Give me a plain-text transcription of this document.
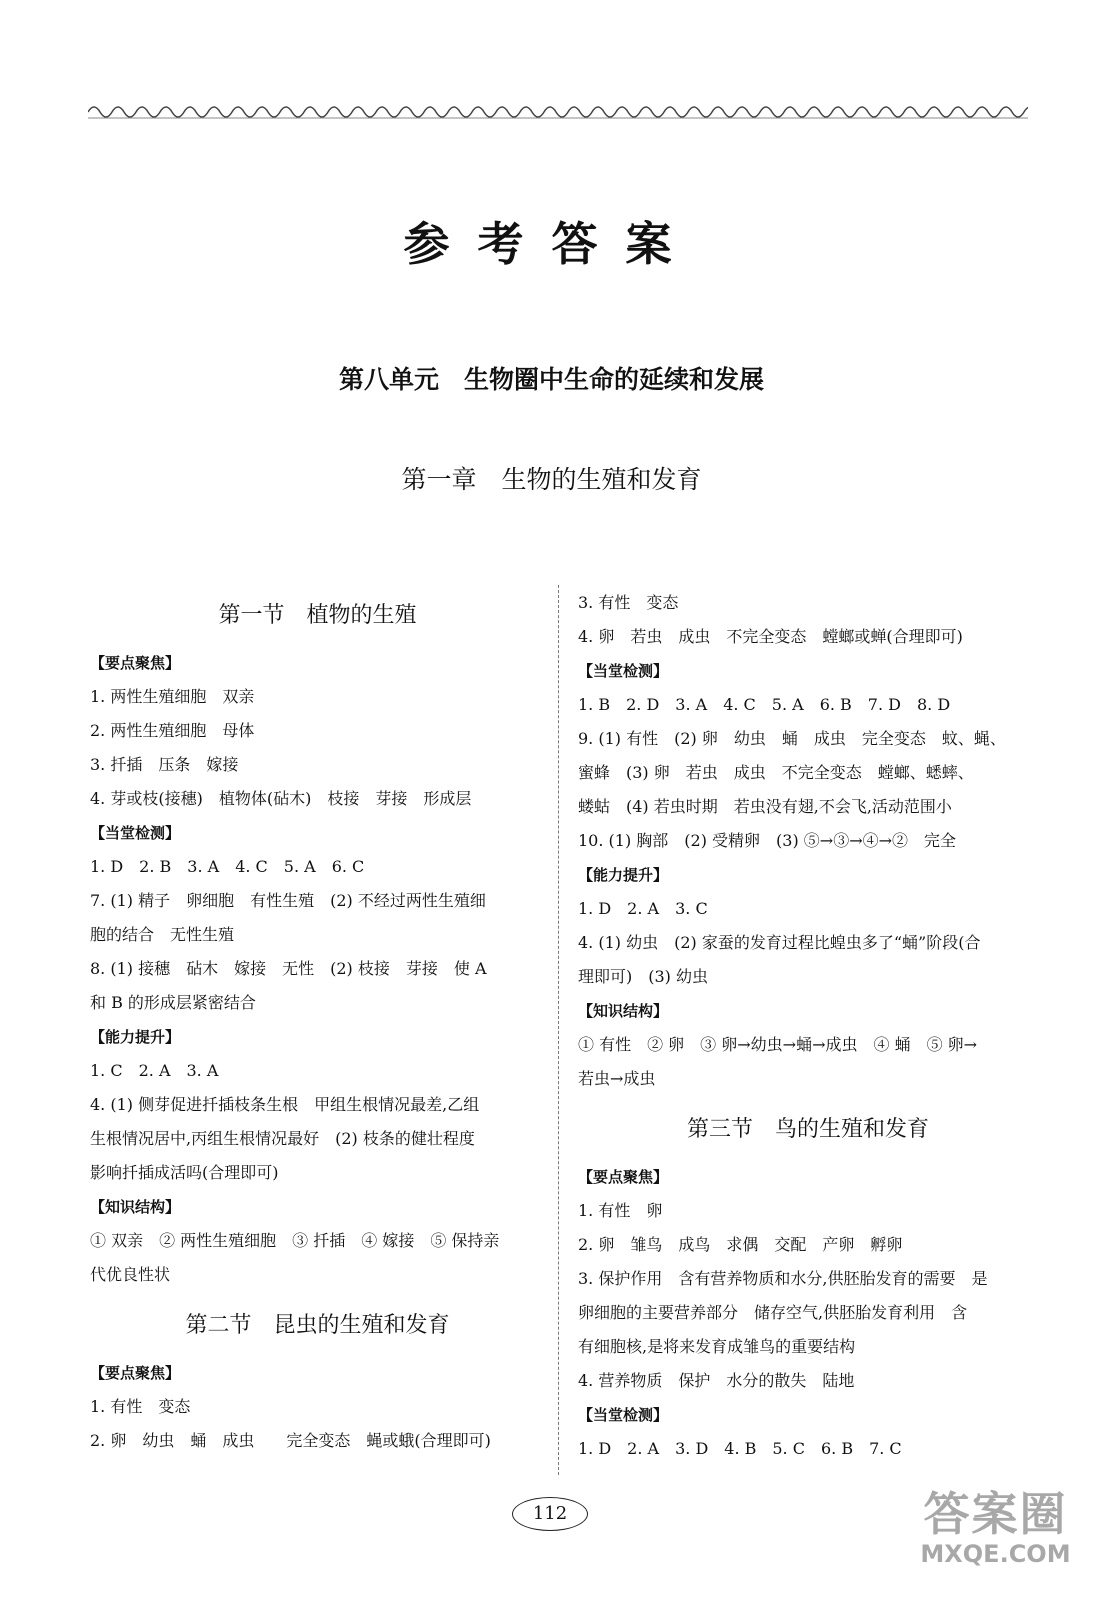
参考答案
第八单元　生物圈中生命的延续和发展
第一章　生物的生殖和发育
第一节　植物的生殖
【要点聚焦】
1. 两性生殖细胞　双亲
2. 两性生殖细胞　母体
3. 扦插　压条　嫁接
4. 芽或枝(接穗)　植物体(砧木)　枝接　芽接　形成层
【当堂检测】
1. D　2. B　3. A　4. C　5. A　6. C
7. (1) 精子　卵细胞　有性生殖　(2) 不经过两性生殖细
胞的结合　无性生殖
8. (1) 接穗　砧木　嫁接　无性　(2) 枝接　芽接　使 A
和 B 的形成层紧密结合
【能力提升】
1. C　2. A　3. A
4. (1) 侧芽促进扦插枝条生根　甲组生根情况最差,乙组
生根情况居中,丙组生根情况最好　(2) 枝条的健壮程度
影响扦插成活吗(合理即可)
【知识结构】
① 双亲　② 两性生殖细胞　③ 扦插　④ 嫁接　⑤ 保持亲
代优良性状
第二节　昆虫的生殖和发育
【要点聚焦】
1. 有性　变态
2. 卵　幼虫　蛹　成虫　　完全变态　蝇或蛾(合理即可)
3. 有性　变态
4. 卵　若虫　成虫　不完全变态　螳螂或蝉(合理即可)
【当堂检测】
1. B　2. D　3. A　4. C　5. A　6. B　7. D　8. D
9. (1) 有性　(2) 卵　幼虫　蛹　成虫　完全变态　蚊、蝇、
蜜蜂　(3) 卵　若虫　成虫　不完全变态　螳螂、蟋蟀、
蝼蛄　(4) 若虫时期　若虫没有翅,不会飞,活动范围小
10. (1) 胸部　(2) 受精卵　(3) ⑤→③→④→②　完全
【能力提升】
1. D　2. A　3. C
4. (1) 幼虫　(2) 家蚕的发育过程比蝗虫多了“蛹”阶段(合
理即可)　(3) 幼虫
【知识结构】
① 有性　② 卵　③ 卵→幼虫→蛹→成虫　④ 蛹　⑤ 卵→
若虫→成虫
第三节　鸟的生殖和发育
【要点聚焦】
1. 有性　卵
2. 卵　雏鸟　成鸟　求偶　交配　产卵　孵卵
3. 保护作用　含有营养物质和水分,供胚胎发育的需要　是
卵细胞的主要营养部分　储存空气,供胚胎发育利用　含
有细胞核,是将来发育成雏鸟的重要结构
4. 营养物质　保护　水分的散失　陆地
【当堂检测】
1. D　2. A　3. D　4. B　5. C　6. B　7. C
112	答案圈
MXQE.COM
